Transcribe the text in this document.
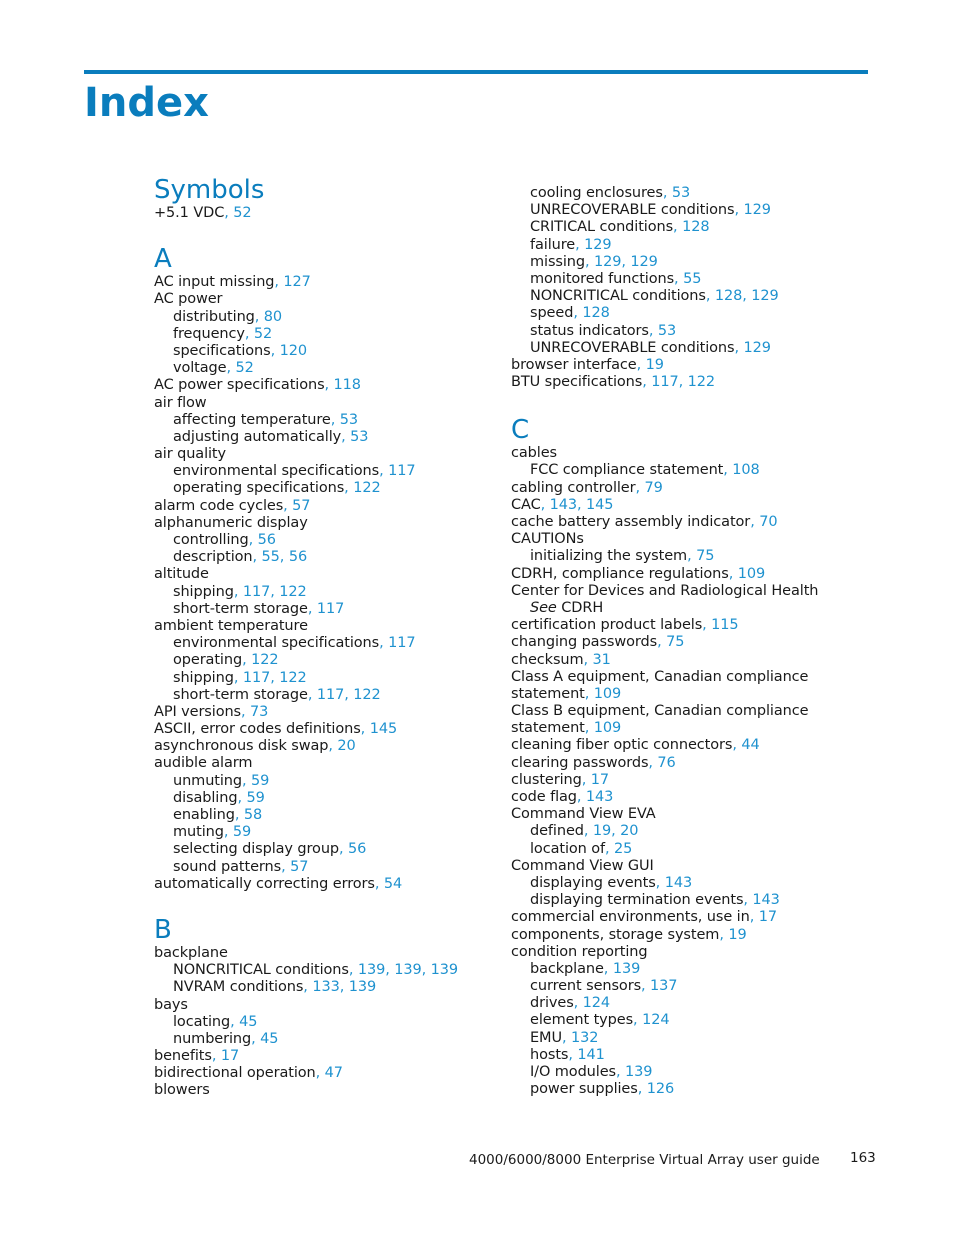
Index
Symbols
+5.1 VDC, 52
A
AC input missing, 127
AC power
distributing, 80
frequency, 52
specifications, 120
voltage, 52
AC power specifications, 118
air flow
affecting temperature, 53
adjusting automatically, 53
air quality
environmental specifications, 117
operating specifications, 122
alarm code cycles, 57
alphanumeric display
controlling, 56
description, 55, 56
altitude
shipping, 117, 122
short-term storage, 117
ambient temperature
environmental specifications, 117
operating, 122
shipping, 117, 122
short-term storage, 117, 122
API versions, 73
ASCII, error codes definitions, 145
asynchronous disk swap, 20
audible alarm
unmuting, 59
disabling, 59
enabling, 58
muting, 59
selecting display group, 56
sound patterns, 57
automatically correcting errors, 54
B
backplane
NONCRITICAL conditions, 139, 139, 139
NVRAM conditions, 133, 139
bays
locating, 45
numbering, 45
benefits, 17
bidirectional operation, 47
blowers
cooling enclosures, 53
UNRECOVERABLE conditions, 129
CRITICAL conditions, 128
failure, 129
missing, 129, 129
monitored functions, 55
NONCRITICAL conditions, 128, 129
speed, 128
status indicators, 53
UNRECOVERABLE conditions, 129
browser interface, 19
BTU specifications, 117, 122
C
cables
FCC compliance statement, 108
cabling controller, 79
CAC, 143, 145
cache battery assembly indicator, 70
CAUTIONs
initializing the system, 75
CDRH, compliance regulations, 109
Center for Devices and Radiological Health
See CDRH
certification product labels, 115
changing passwords, 75
checksum, 31
Class A equipment, Canadian compliance
statement, 109
Class B equipment, Canadian compliance
statement, 109
cleaning fiber optic connectors, 44
clearing passwords, 76
clustering, 17
code flag, 143
Command View EVA
defined, 19, 20
location of, 25
Command View GUI
displaying events, 143
displaying termination events, 143
commercial environments, use in, 17
components, storage system, 19
condition reporting
backplane, 139
current sensors, 137
drives, 124
element types, 124
EMU, 132
hosts, 141
I/O modules, 139
power supplies, 126
4000/6000/8000 Enterprise Virtual Array user guide 163
